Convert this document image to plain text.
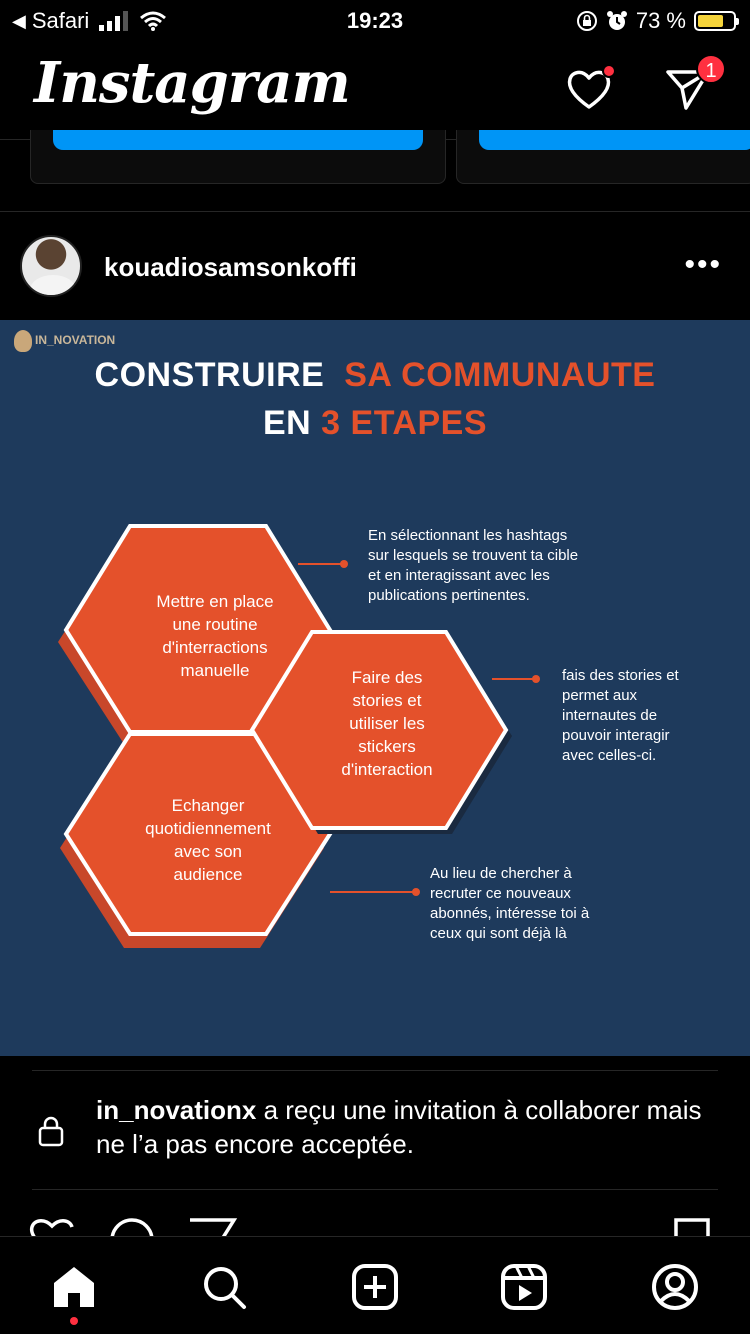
◀ Safari	19:23	73 %
Instagram	1
kouadiosamsonkoffi	•••
IN_NOVATION
CONSTRUIRE SA COMMUNAUTE
EN 3 ETAPES
Mettre en place
une routine
d'interractions
manuelle	Faire des
stories et
utiliser les
stickers
d'interaction
Echanger
quotidiennement
avec son
audience
En sélectionnant les hashtags
sur lesquels se trouvent ta cible
et en interagissant avec les
publications pertinentes.
fais des stories et
permet aux
internautes de
pouvoir interagir
avec celles-ci.
Au lieu de chercher à
recruter ce nouveaux
abonnés, intéresse toi à
ceux qui sont déjà là
in_novationx a reçu une invitation à collaborer mais ne l’a pas encore acceptée.
